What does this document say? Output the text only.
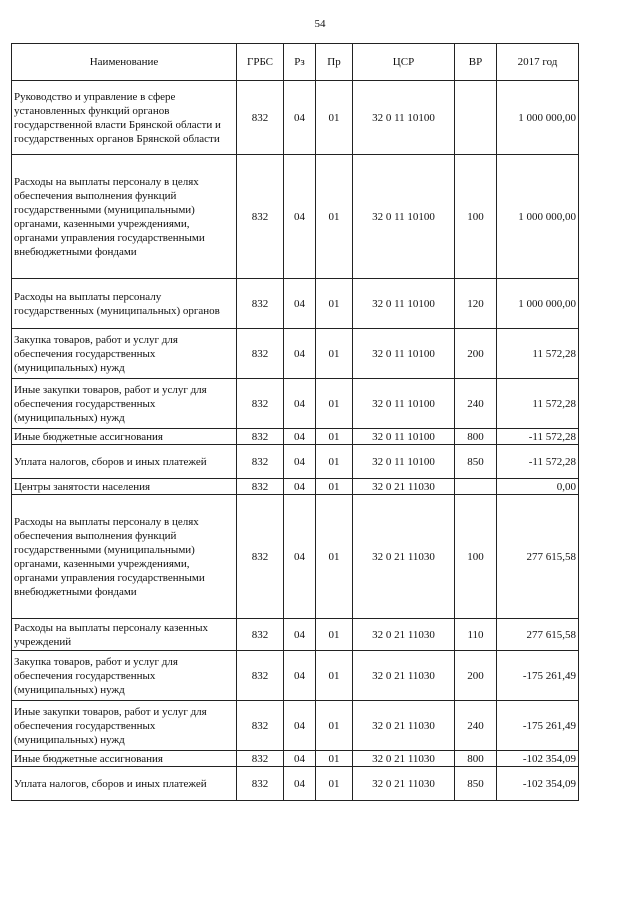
54
Наименование	ГРБС	Рз	Пр	ЦСР	ВР	2017 год
Руководство и управление в сфере установленных функций органов государственной власти Брянской области и государственных органов Брянской области	832	04	01	32 0 11 10100		1 000 000,00
Расходы на выплаты персоналу в целях обеспечения выполнения функций государственными (муниципальными) органами, казенными учреждениями, органами управления государственными внебюджетными фондами	832	04	01	32 0 11 10100	100	1 000 000,00
Расходы на выплаты персоналу государственных (муниципальных) органов	832	04	01	32 0 11 10100	120	1 000 000,00
Закупка товаров, работ и услуг для обеспечения государственных (муниципальных) нужд	832	04	01	32 0 11 10100	200	11 572,28
Иные закупки товаров, работ и услуг для обеспечения государственных (муниципальных) нужд	832	04	01	32 0 11 10100	240	11 572,28
Иные бюджетные ассигнования	832	04	01	32 0 11 10100	800	-11 572,28
Уплата налогов, сборов и иных платежей	832	04	01	32 0 11 10100	850	-11 572,28
Центры занятости населения	832	04	01	32 0 21 11030		0,00
Расходы на выплаты персоналу в целях обеспечения выполнения функций государственными (муниципальными) органами, казенными учреждениями, органами управления государственными внебюджетными фондами	832	04	01	32 0 21 11030	100	277 615,58
Расходы на выплаты персоналу казенных учреждений	832	04	01	32 0 21 11030	110	277 615,58
Закупка товаров, работ и услуг для обеспечения государственных (муниципальных) нужд	832	04	01	32 0 21 11030	200	-175 261,49
Иные закупки товаров, работ и услуг для обеспечения государственных (муниципальных) нужд	832	04	01	32 0 21 11030	240	-175 261,49
Иные бюджетные ассигнования	832	04	01	32 0 21 11030	800	-102 354,09
Уплата налогов, сборов и иных платежей	832	04	01	32 0 21 11030	850	-102 354,09
